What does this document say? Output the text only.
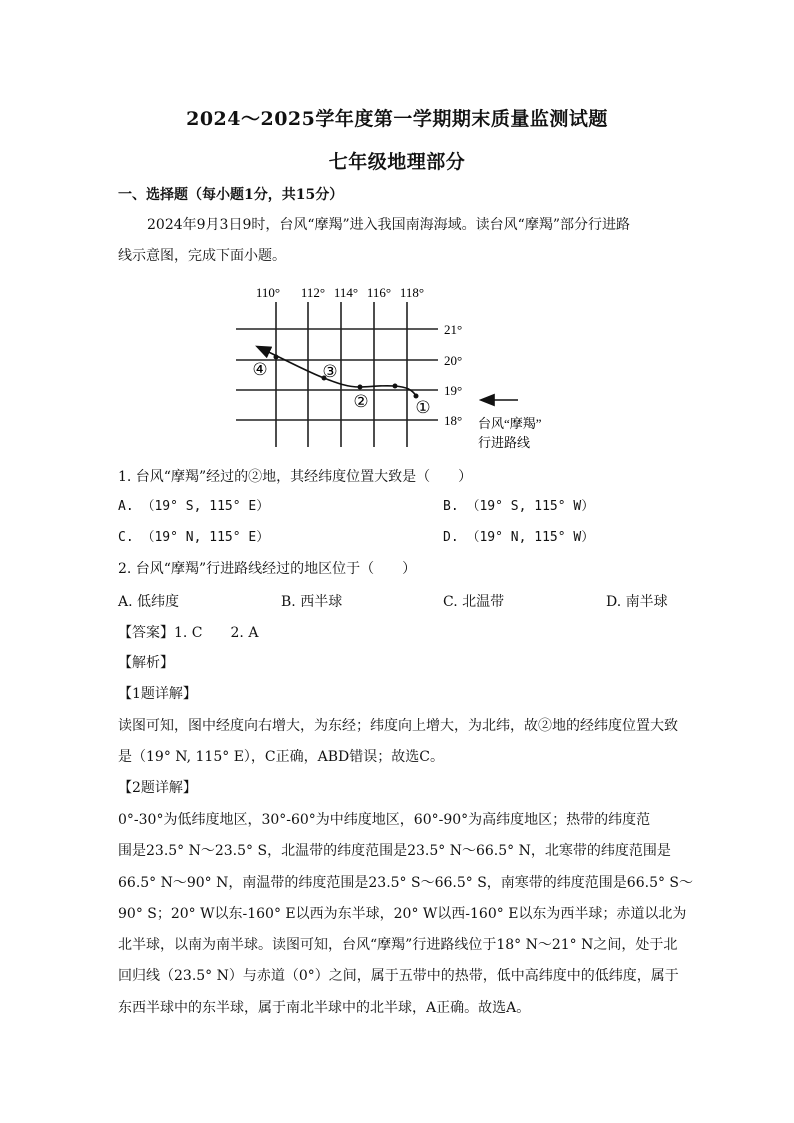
2024～2025学年度第一学期期末质量监测试题
七年级地理部分
一、选择题（每小题1分，共15分）
2024年9月3日9时，台风“摩羯”进入我国南海海域。读台风“摩羯”部分行进路
线示意图，完成下面小题。
110° 112° 114° 116° 118°
21°
20°
19°
18°
④	③
②	①
台风“摩羯”
行进路线
1. 台风“摩羯”经过的②地，其经纬度位置大致是（　　）
A. （19° S, 115° E）	B. （19° S, 115° W）
C. （19° N, 115° E）	D. （19° N, 115° W）
2. 台风“摩羯”行进路线经过的地区位于（　　）
A. 低纬度	B. 西半球	C. 北温带	D. 南半球
【答案】1. C　　2. A
【解析】
【1题详解】
读图可知，图中经度向右增大，为东经；纬度向上增大，为北纬，故②地的经纬度位置大致
是（19° N, 115° E），C正确，ABD错误；故选C。
【2题详解】
0°-30°为低纬度地区，30°-60°为中纬度地区，60°-90°为高纬度地区；热带的纬度范
围是23.5° N～23.5° S，北温带的纬度范围是23.5° N～66.5° N，北寒带的纬度范围是
66.5° N～90° N，南温带的纬度范围是23.5° S～66.5° S，南寒带的纬度范围是66.5° S～
90° S；20° W以东-160° E以西为东半球，20° W以西-160° E以东为西半球；赤道以北为
北半球，以南为南半球。读图可知，台风“摩羯”行进路线位于18° N～21° N之间，处于北
回归线（23.5° N）与赤道（0°）之间，属于五带中的热带，低中高纬度中的低纬度，属于
东西半球中的东半球，属于南北半球中的北半球，A正确。故选A。
